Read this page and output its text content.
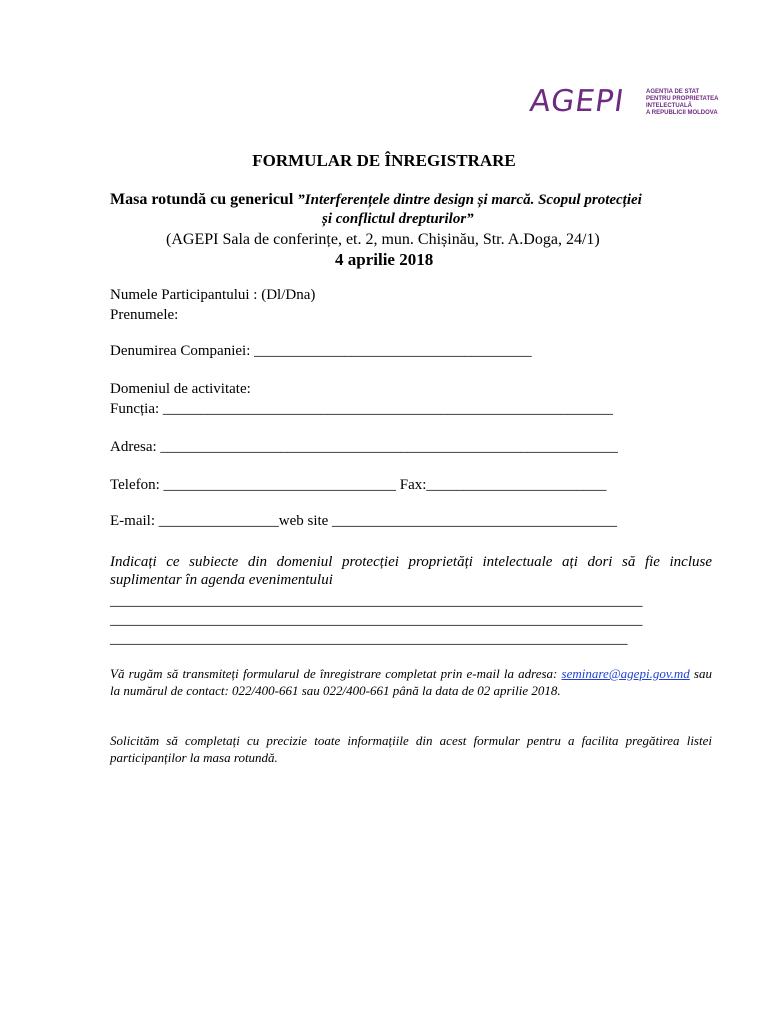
AGEPI	AGENȚIA DE STAT
PENTRU PROPRIETATEA
INTELECTUALĂ
A REPUBLICII MOLDOVA
FORMULAR DE ÎNREGISTRARE
Masa rotundă cu genericul ”Interferențele dintre design și marcă. Scopul protecției
și conflictul drepturilor”
(AGEPI Sala de conferințe, et. 2, mun. Chișinău, Str. A.Doga, 24/1)
4 aprilie 2018
Numele Participantului : (Dl/Dna)
Prenumele:
Denumirea Companiei: _____________________________________
Domeniul de activitate:
Funcția: ____________________________________________________________
Adresa: _____________________________________________________________
Telefon: _______________________________ Fax:________________________
E-mail: ________________web site ______________________________________
Indicați ce subiecte din domeniul protecției proprietăți intelectuale ați dori să fie incluse suplimentar în agenda evenimentului
_______________________________________________________________________
_______________________________________________________________________
_____________________________________________________________________
Vă rugăm să transmiteți formularul de înregistrare completat prin e-mail la adresa: seminare@agepi.gov.md sau la numărul de contact: 022/400-661 sau 022/400-661 până la data de 02 aprilie 2018.
Solicităm să completați cu precizie toate informațiile din acest formular pentru a facilita pregătirea listei participanților la masa rotundă.
